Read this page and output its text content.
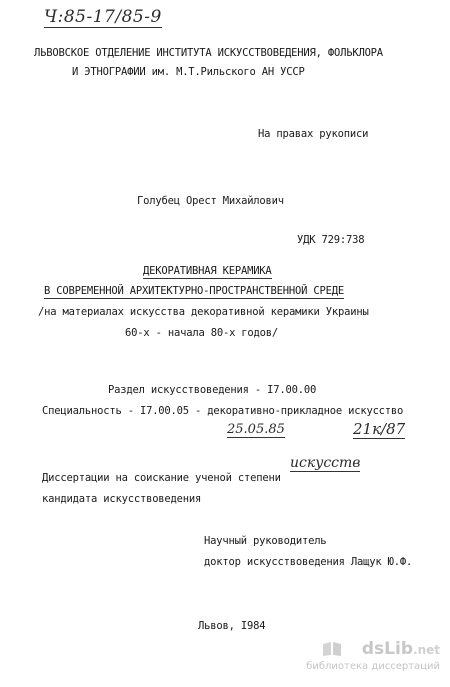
Ч:85-17/85-9
ЛЬВОВСКОЕ ОТДЕЛЕНИЕ ИНСТИТУТА ИСКУССТВОВЕДЕНИЯ, ФОЛЬКЛОРА
И ЭТНОГРАФИИ им. М.Т.Рильского АН УССР
На правах рукописи
Голубец Орест Михайлович
УДК 729:738
ДЕКОРАТИВНАЯ КЕРАМИКА
В СОВРЕМЕННОЙ АРХИТЕКТУРНО-ПРОСТРАНСТВЕННОЙ СРЕДЕ
/на материалах искусства декоративной керамики Украины
60-х - начала 80-х годов/
Раздел искусствоведения - I7.00.00
Специальность - I7.00.05 - декоративно-прикладное искусство
25.05.85	21к/87
Диссертации на соискание ученой степени
искусств
кандидата искусствоведения
Научный руководитель
доктор искусствоведения Лащук Ю.Ф.
Львов, I984
dsLib.net
библиотека диссертаций
